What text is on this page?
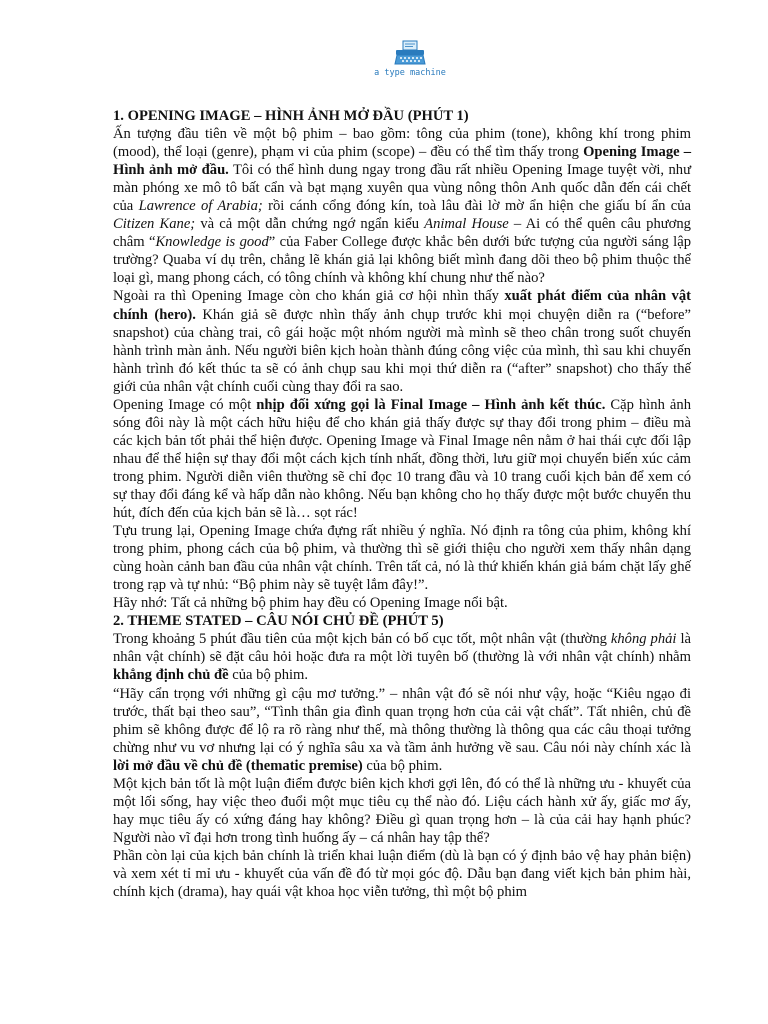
a type machine
1. OPENING IMAGE – HÌNH ẢNH MỞ ĐẦU (PHÚT 1)

Ấn tượng đầu tiên về một bộ phim – bao gồm: tông của phim (tone), không khí trong phim (mood), thể loại (genre), phạm vi của phim (scope) – đều có thể tìm thấy trong Opening Image – Hình ảnh mở đầu. Tôi có thể hình dung ngay trong đầu rất nhiều Opening Image tuyệt vời, như màn phóng xe mô tô bất cẩn và bạt mạng xuyên qua vùng nông thôn Anh quốc dẫn đến cái chết của Lawrence of Arabia; rồi cánh cổng đóng kín, toà lâu đài lờ mờ ẩn hiện che giấu bí ẩn của Citizen Kane; và cả một dẫn chứng ngớ ngẩn kiểu Animal House – Ai có thể quên câu phương châm “Knowledge is good” của Faber College được khắc bên dưới bức tượng của người sáng lập trường? Quaba ví dụ trên, chẳng lẽ khán giả lại không biết mình đang dõi theo bộ phim thuộc thể loại gì, mang phong cách, có tông chính và không khí chung như thế nào?

Ngoài ra thì Opening Image còn cho khán giả cơ hội nhìn thấy xuất phát điểm của nhân vật chính (hero). Khán giả sẽ được nhìn thấy ảnh chụp trước khi mọi chuyện diễn ra (“before” snapshot) của chàng trai, cô gái hoặc một nhóm người mà mình sẽ theo chân trong suốt chuyến hành trình màn ảnh. Nếu người biên kịch hoàn thành đúng công việc của mình, thì sau khi chuyến hành trình đó kết thúc ta sẽ có ảnh chụp sau khi mọi thứ diễn ra (“after” snapshot) cho thấy thế giới của nhân vật chính cuối cùng thay đổi ra sao.

Opening Image có một nhịp đối xứng gọi là Final Image – Hình ảnh kết thúc. Cặp hình ảnh sóng đôi này là một cách hữu hiệu để cho khán giả thấy được sự thay đổi trong phim – điều mà các kịch bản tốt phải thể hiện được. Opening Image và Final Image nên nằm ở hai thái cực đối lập nhau để thể hiện sự thay đổi một cách kịch tính nhất, đồng thời, lưu giữ mọi chuyển biến xúc cảm trong phim. Người diễn viên thường sẽ chỉ đọc 10 trang đầu và 10 trang cuối kịch bản để xem có sự thay đổi đáng kể và hấp dẫn nào không. Nếu bạn không cho họ thấy được một bước chuyển thu hút, đích đến của kịch bản sẽ là… sọt rác!

Tựu trung lại, Opening Image chứa đựng rất nhiều ý nghĩa. Nó định ra tông của phim, không khí trong phim, phong cách của bộ phim, và thường thì sẽ giới thiệu cho người xem thấy nhân dạng cùng hoàn cảnh ban đầu của nhân vật chính. Trên tất cả, nó là thứ khiến khán giả bám chặt lấy ghế trong rạp và tự nhủ: “Bộ phim này sẽ tuyệt lắm đây!”.

Hãy nhớ: Tất cả những bộ phim hay đều có Opening Image nổi bật.

2. THEME STATED – CÂU NÓI CHỦ ĐỀ (PHÚT 5)

Trong khoảng 5 phút đầu tiên của một kịch bản có bố cục tốt, một nhân vật (thường không phải là nhân vật chính) sẽ đặt câu hỏi hoặc đưa ra một lời tuyên bố (thường là với nhân vật chính) nhằm khẳng định chủ đề của bộ phim.

“Hãy cẩn trọng với những gì cậu mơ tưởng.” – nhân vật đó sẽ nói như vậy, hoặc “Kiêu ngạo đi trước, thất bại theo sau”, “Tình thân gia đình quan trọng hơn của cải vật chất”. Tất nhiên, chủ đề phim sẽ không được để lộ ra rõ ràng như thế, mà thông thường là thông qua các câu thoại tưởng chừng như vu vơ nhưng lại có ý nghĩa sâu xa và tầm ảnh hưởng về sau. Câu nói này chính xác là lời mở đầu về chủ đề (thematic premise) của bộ phim.

Một kịch bản tốt là một luận điểm được biên kịch khơi gợi lên, đó có thể là những ưu - khuyết của một lối sống, hay việc theo đuổi một mục tiêu cụ thể nào đó. Liệu cách hành xử ấy, giấc mơ ấy, hay mục tiêu ấy có xứng đáng hay không? Điều gì quan trọng hơn – là của cải hay hạnh phúc? Người nào vĩ đại hơn trong tình huống ấy – cá nhân hay tập thể?

Phần còn lại của kịch bản chính là triển khai luận điểm (dù là bạn có ý định bảo vệ hay phản biện) và xem xét tỉ mỉ ưu - khuyết của vấn đề đó từ mọi góc độ. Dẫu bạn đang viết kịch bản phim hài, chính kịch (drama), hay quái vật khoa học viễn tưởng, thì một bộ phim
